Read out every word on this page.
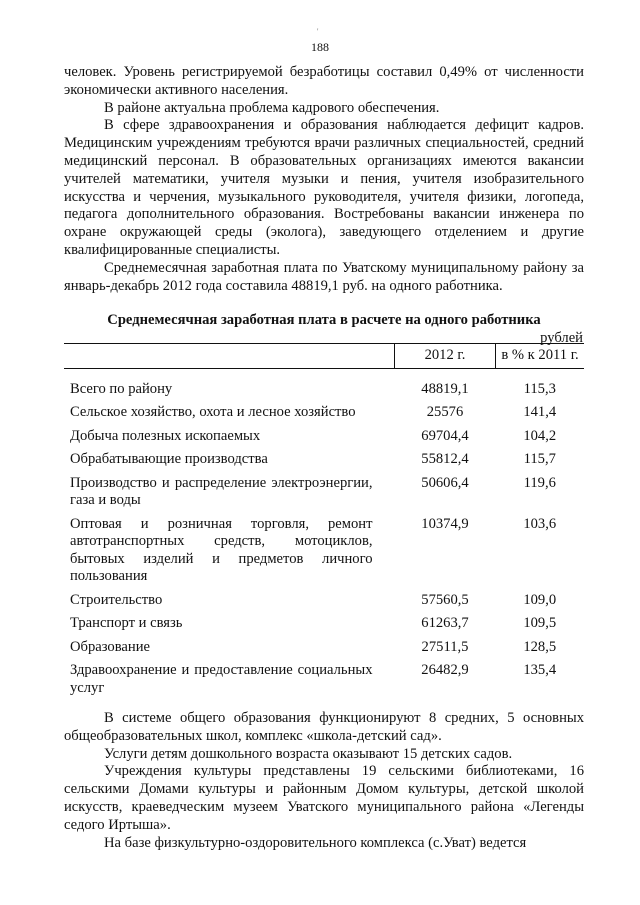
'
188

человек. Уровень регистрируемой безработицы составил 0,49% от численности экономически активного населения.

В районе актуальна проблема кадрового обеспечения.

В сфере здравоохранения и образования наблюдается дефицит кадров. Медицинским учреждениям требуются врачи различных специальностей, средний медицинский персонал. В образовательных организациях имеются вакансии учителей математики, учителя музыки и пения, учителя изобразительного искусства и черчения, музыкального руководителя, учителя физики, логопеда, педагога дополнительного образования. Востребованы вакансии инженера по охране окружающей среды (эколога), заведующего отделением и другие квалифицированные специалисты.

Среднемесячная заработная плата по Уватскому муниципальному району за январь-декабрь 2012 года составила 48819,1 руб. на одного работника.

Среднемесячная заработная плата в расчете на одного работника
рублей
	2012 г.	в % к 2011 г.
Всего по району	48819,1	115,3
Сельское хозяйство, охота и лесное хозяйство	25576	141,4
Добыча полезных ископаемых	69704,4	104,2
Обрабатывающие производства	55812,4	115,7
Производство и распределение электроэнергии, газа и воды	50606,4	119,6
Оптовая и розничная торговля, ремонт автотранспортных средств, мотоциклов, бытовых изделий и предметов личного пользования	10374,9	103,6
Строительство	57560,5	109,0
Транспорт и связь	61263,7	109,5
Образование	27511,5	128,5
Здравоохранение и предоставление социальных услуг	26482,9	135,4

В системе общего образования функционируют 8 средних, 5 основных общеобразовательных школ, комплекс «школа-детский сад».

Услуги детям дошкольного возраста оказывают 15 детских садов.

Учреждения культуры представлены 19 сельскими библиотеками, 16 сельскими Домами культуры и районным Домом культуры, детской школой искусств, краеведческим музеем Уватского муниципального района «Легенды седого Иртыша».

На базе физкультурно-оздоровительного комплекса (с.Уват) ведется
